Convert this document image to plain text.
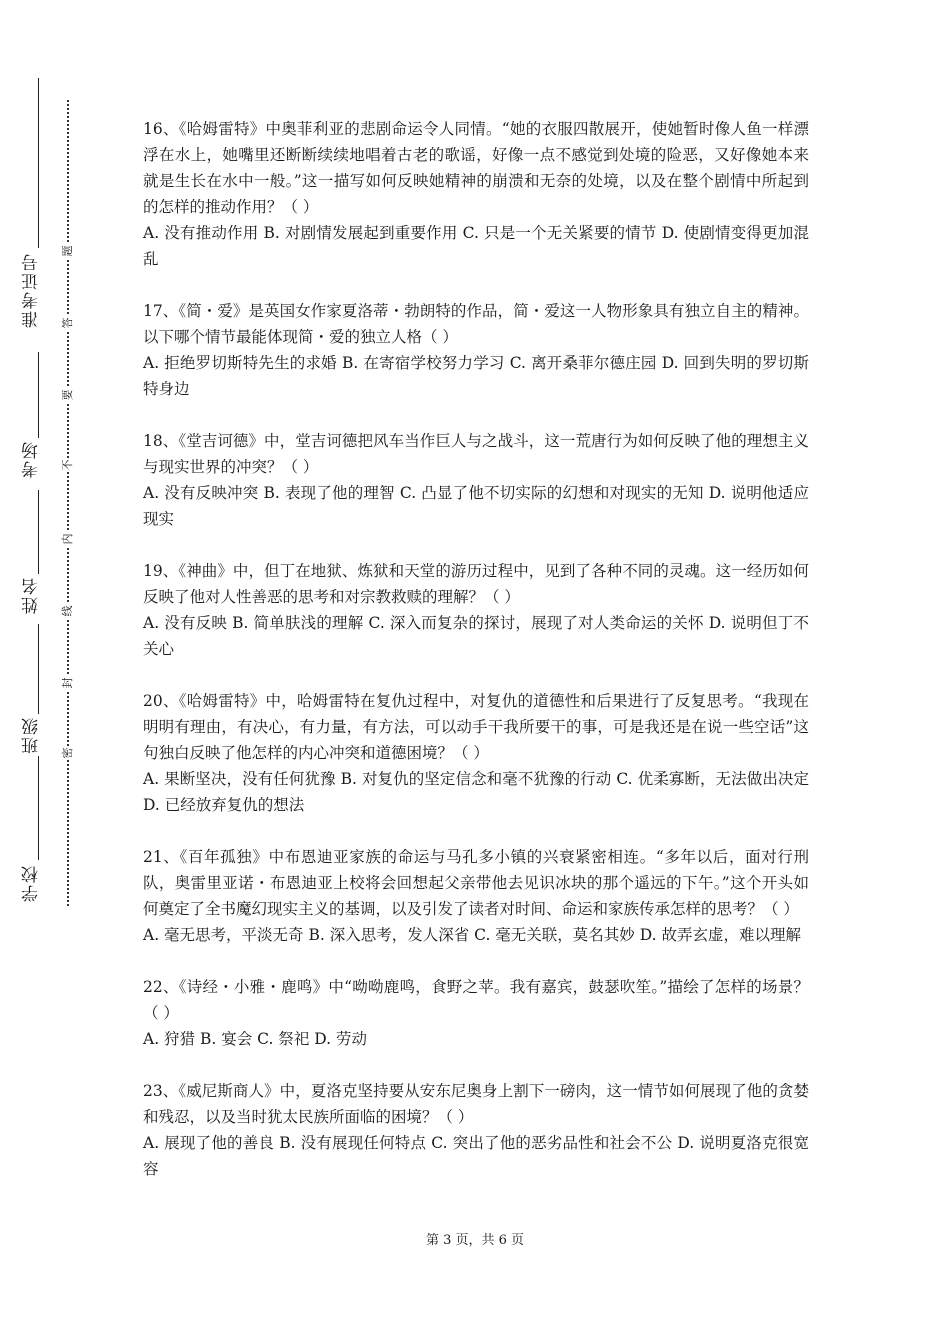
学校
班级
姓名
考场
准考证号
题
答
要
不
内
线
封
密

16、《哈姆雷特》中奥菲利亚的悲剧命运令人同情。“她的衣服四散展开，使她暂时像人鱼一样漂浮在水上，她嘴里还断断续续地唱着古老的歌谣，好像一点不感觉到处境的险恶，又好像她本来就是生长在水中一般。”这一描写如何反映她精神的崩溃和无奈的处境，以及在整个剧情中所起到的怎样的推动作用？（ ）

A. 没有推动作用 B. 对剧情发展起到重要作用 C. 只是一个无关紧要的情节 D. 使剧情变得更加混乱

17、《简・爱》是英国女作家夏洛蒂・勃朗特的作品，简・爱这一人物形象具有独立自主的精神。以下哪个情节最能体现简・爱的独立人格（ ）

A. 拒绝罗切斯特先生的求婚 B. 在寄宿学校努力学习 C. 离开桑菲尔德庄园 D. 回到失明的罗切斯特身边

18、《堂吉诃德》中，堂吉诃德把风车当作巨人与之战斗，这一荒唐行为如何反映了他的理想主义与现实世界的冲突？（ ）

A. 没有反映冲突 B. 表现了他的理智 C. 凸显了他不切实际的幻想和对现实的无知 D. 说明他适应现实

19、《神曲》中，但丁在地狱、炼狱和天堂的游历过程中，见到了各种不同的灵魂。这一经历如何反映了他对人性善恶的思考和对宗教救赎的理解？（ ）

A. 没有反映 B. 简单肤浅的理解 C. 深入而复杂的探讨，展现了对人类命运的关怀 D. 说明但丁不关心

20、《哈姆雷特》中，哈姆雷特在复仇过程中，对复仇的道德性和后果进行了反复思考。“我现在明明有理由，有决心，有力量，有方法，可以动手干我所要干的事，可是我还是在说一些空话”这句独白反映了他怎样的内心冲突和道德困境？（ ）

A. 果断坚决，没有任何犹豫 B. 对复仇的坚定信念和毫不犹豫的行动 C. 优柔寡断，无法做出决定 D. 已经放弃复仇的想法

21、《百年孤独》中布恩迪亚家族的命运与马孔多小镇的兴衰紧密相连。“多年以后，面对行刑队，奥雷里亚诺・布恩迪亚上校将会回想起父亲带他去见识冰块的那个遥远的下午。”这个开头如何奠定了全书魔幻现实主义的基调，以及引发了读者对时间、命运和家族传承怎样的思考？（ ）

A. 毫无思考，平淡无奇 B. 深入思考，发人深省 C. 毫无关联，莫名其妙 D. 故弄玄虚，难以理解

22、《诗经・小雅・鹿鸣》中“呦呦鹿鸣，食野之苹。我有嘉宾，鼓瑟吹笙。”描绘了怎样的场景？（ ）

A. 狩猎 B. 宴会 C. 祭祀 D. 劳动

23、《威尼斯商人》中，夏洛克坚持要从安东尼奥身上割下一磅肉，这一情节如何展现了他的贪婪和残忍，以及当时犹太民族所面临的困境？（ ）

A. 展现了他的善良 B. 没有展现任何特点 C. 突出了他的恶劣品性和社会不公 D. 说明夏洛克很宽容

第 3 页，共 6 页
